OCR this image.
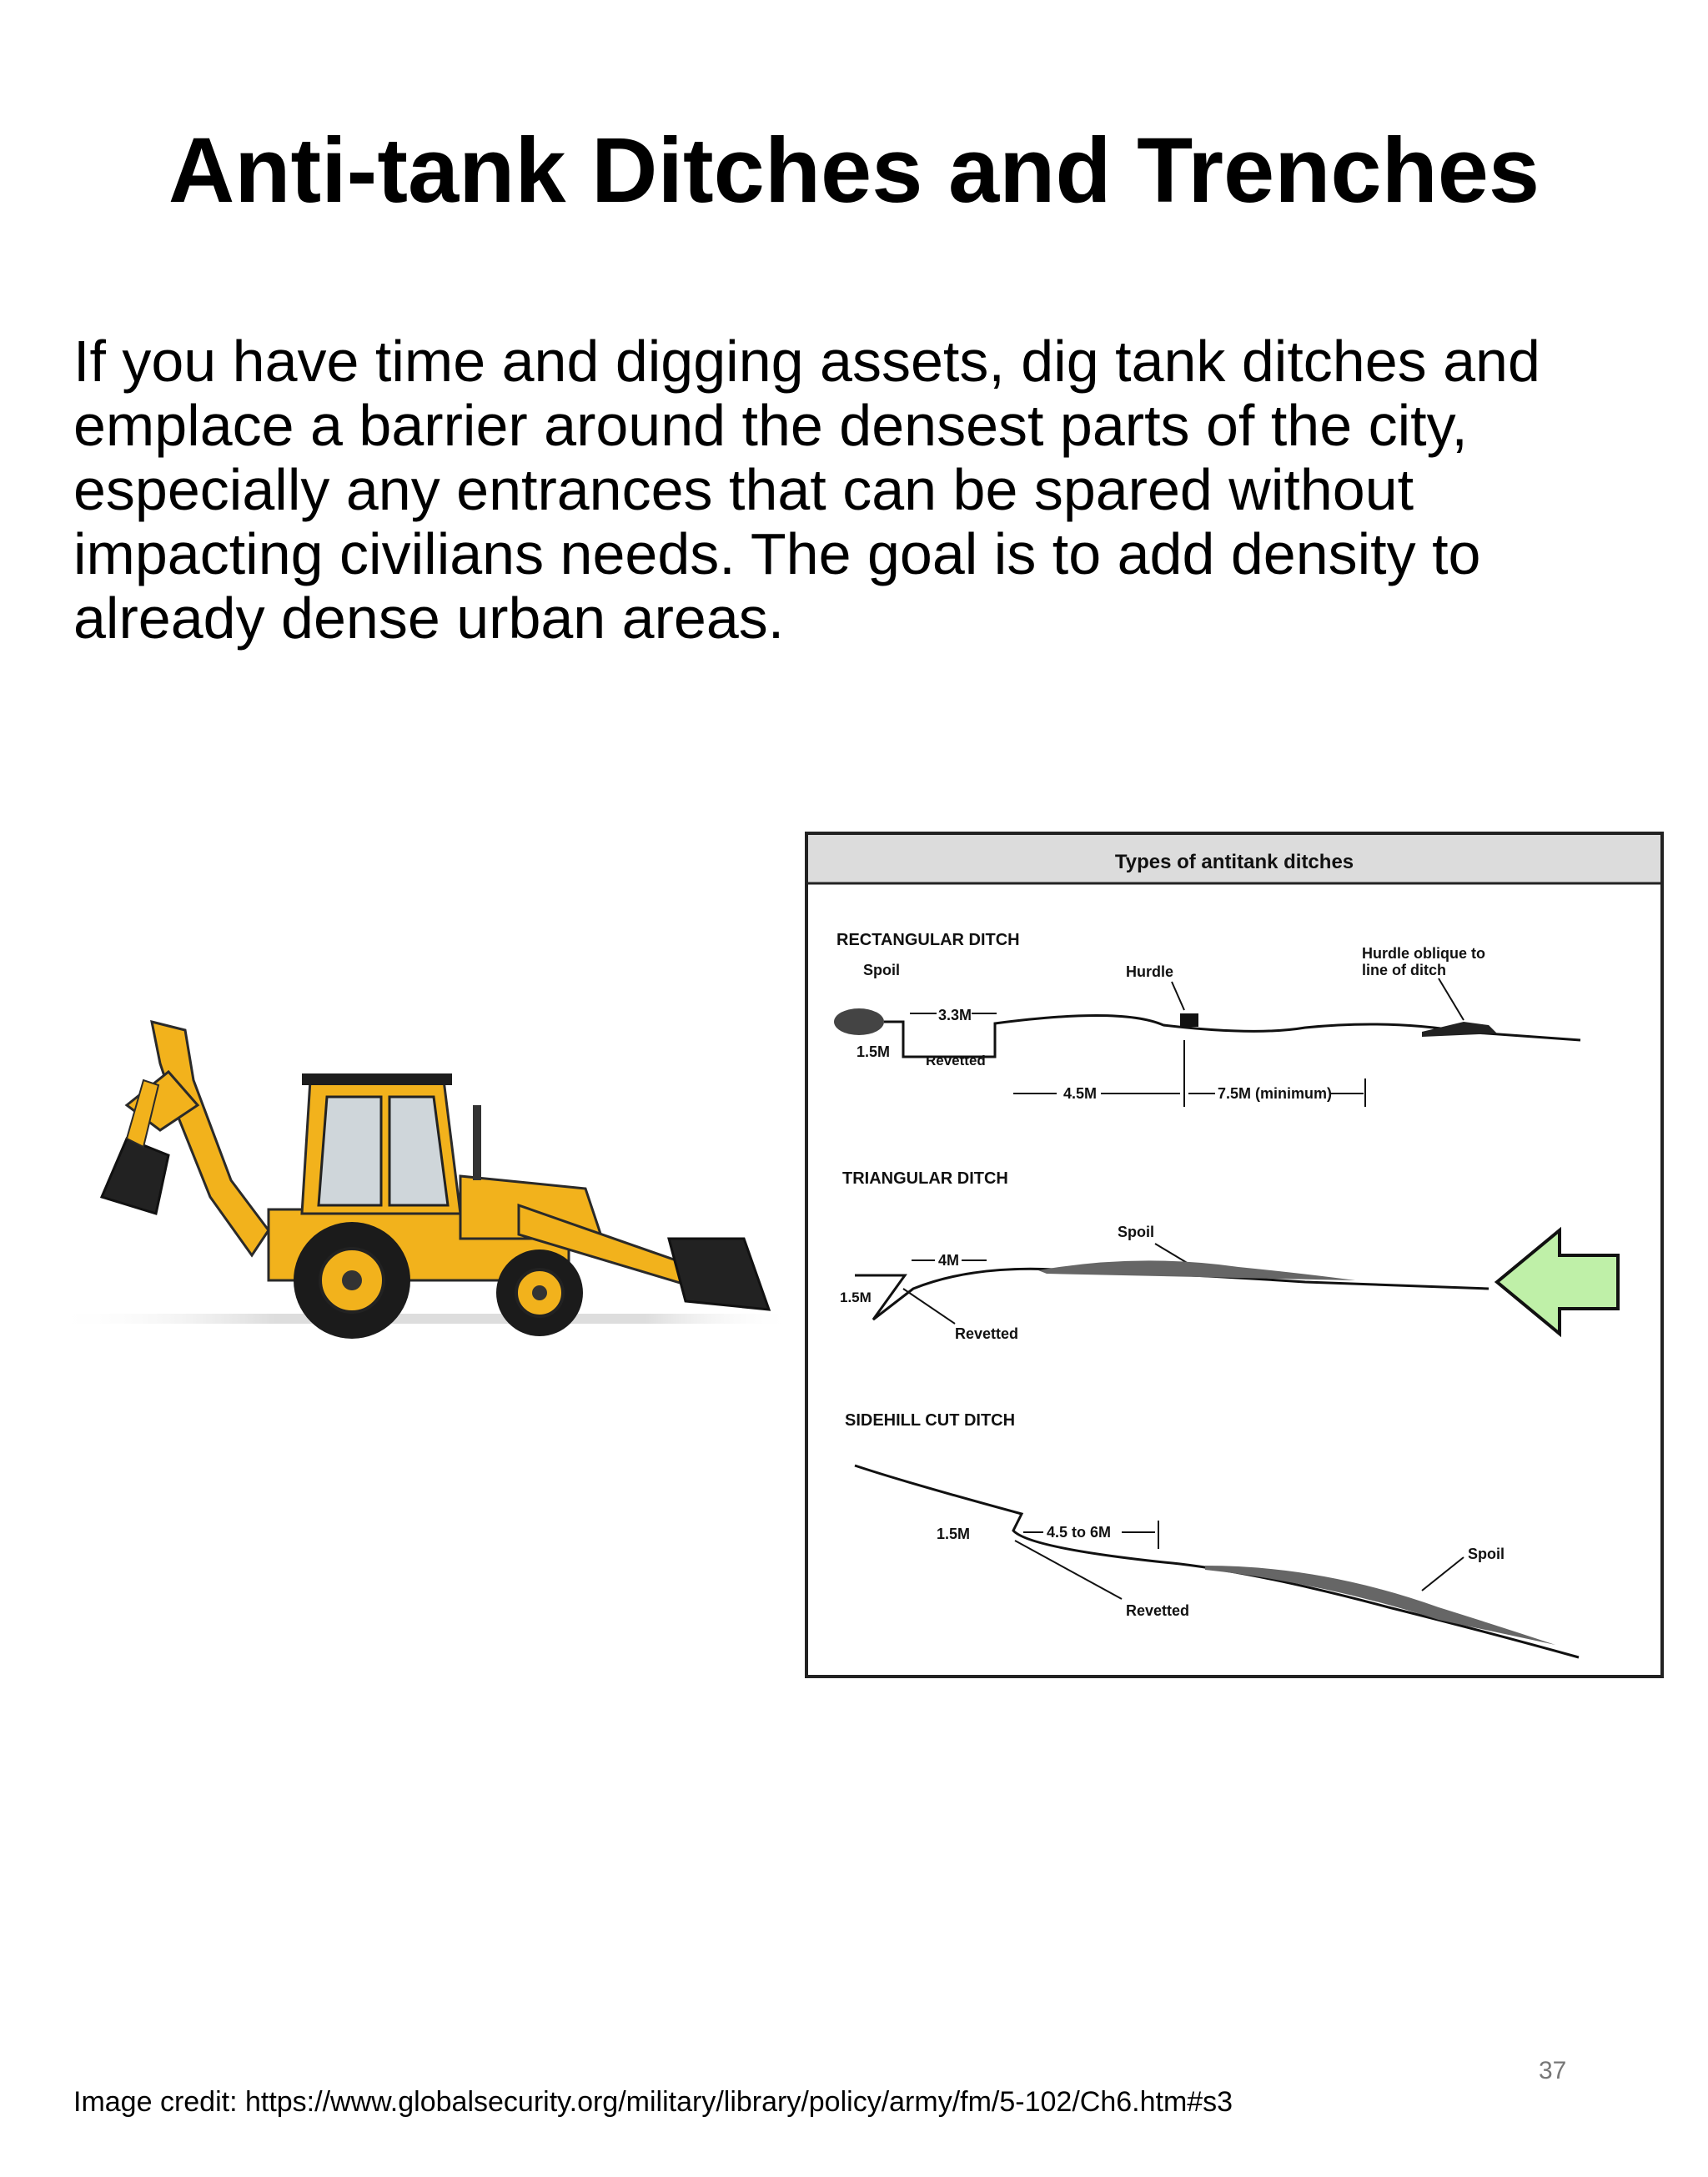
Anti-tank Ditches and Trenches

If you have time and digging assets, dig tank ditches and emplace a barrier around the densest parts of the city, especially any entrances that can be spared without impacting civilians needs. The goal is to add density to already dense urban areas.

Types of antitank ditches
RECTANGULAR DITCH
Spoil	Hurdle
Hurdle oblique to
line of ditch
3.3M
1.5M
Revetted
4.5M	7.5M (minimum)
TRIANGULAR DITCH
Spoil
4M
1.5M
Revetted
SIDEHILL CUT DITCH
1.5M	4.5 to 6M
Spoil
Revetted
37
Image credit: https://www.globalsecurity.org/military/library/policy/army/fm/5-102/Ch6.htm#s3
